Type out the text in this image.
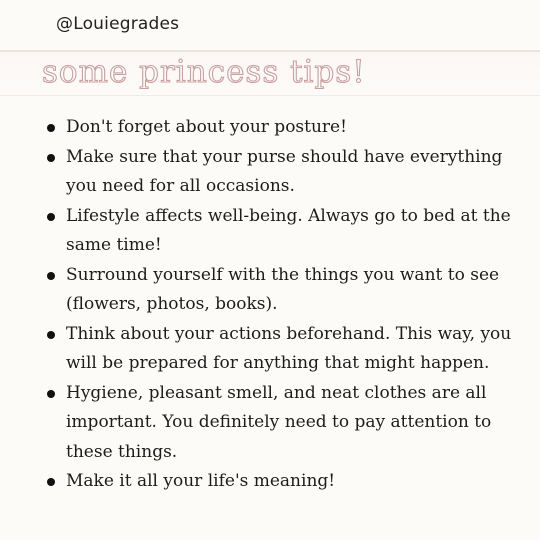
@Louiegrades
some princess tips!
Don't forget about your posture!
Make sure that your purse should have everything you need for all occasions.
Lifestyle affects well-being. Always go to bed at the same time!
Surround yourself with the things you want to see (flowers, photos, books).
Think about your actions beforehand. This way, you will be prepared for anything that might happen.
Hygiene, pleasant smell, and neat clothes are all important. You definitely need to pay attention to these things.
Make it all your life's meaning!
